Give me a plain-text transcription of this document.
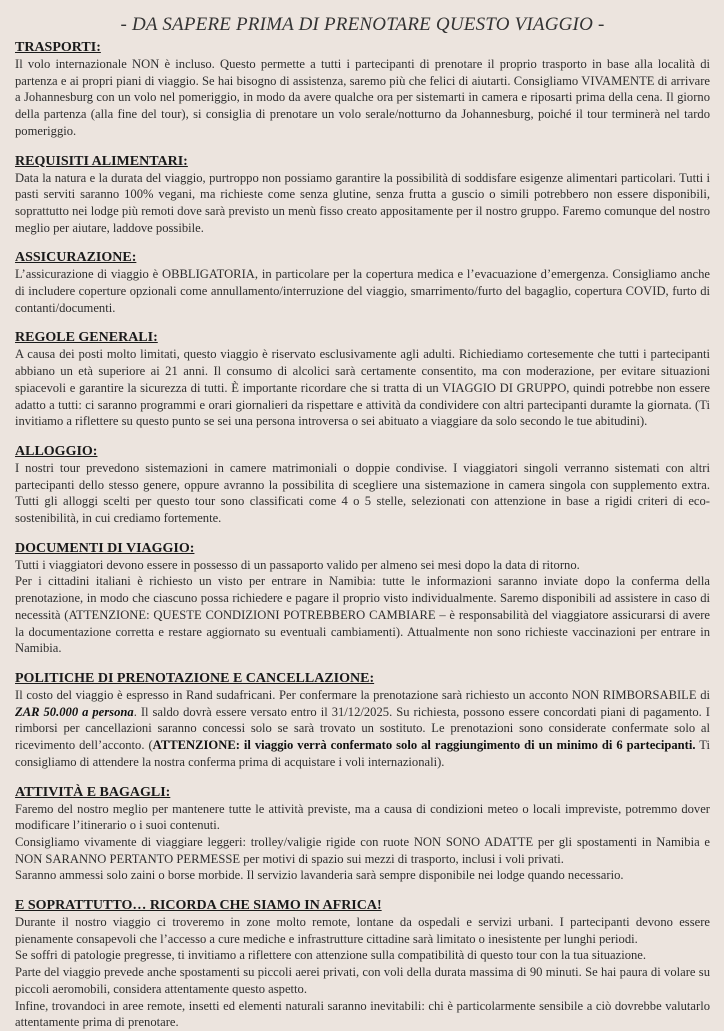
- DA SAPERE PRIMA DI PRENOTARE QUESTO VIAGGIO -

TRASPORTI:

Il volo internazionale NON è incluso. Questo permette a tutti i partecipanti di prenotare il proprio trasporto in base alla località di partenza e ai propri piani di viaggio. Se hai bisogno di assistenza, saremo più che felici di aiutarti. Consigliamo VIVAMENTE di arrivare a Johannesburg con un volo nel pomeriggio, in modo da avere qualche ora per sistemarti in camera e riposarti prima della cena. Il giorno della partenza (alla fine del tour), si consiglia di prenotare un volo serale/notturno da Johannesburg, poiché il tour terminerà nel tardo pomeriggio.

REQUISITI ALIMENTARI:

Data la natura e la durata del viaggio, purtroppo non possiamo garantire la possibilità di soddisfare esigenze alimentari particolari. Tutti i pasti serviti saranno 100% vegani, ma richieste come senza glutine, senza frutta a guscio o simili potrebbero non essere disponibili, soprattutto nei lodge più remoti dove sarà previsto un menù fisso creato appositamente per il nostro gruppo. Faremo comunque del nostro meglio per aiutare, laddove possibile.

ASSICURAZIONE:

L’assicurazione di viaggio è OBBLIGATORIA, in particolare per la copertura medica e l’evacuazione d’emergenza. Consigliamo anche di includere coperture opzionali come annullamento/interruzione del viaggio, smarrimento/furto del bagaglio, copertura COVID, furto di contanti/documenti.

REGOLE GENERALI:

A causa dei posti molto limitati, questo viaggio è riservato esclusivamente agli adulti. Richiediamo cortesemente che tutti i partecipanti abbiano un età superiore ai 21 anni. Il consumo di alcolici sarà certamente consentito, ma con moderazione, per evitare situazioni spiacevoli e garantire la sicurezza di tutti. È importante ricordare che si tratta di un VIAGGIO DI GRUPPO, quindi potrebbe non essere adatto a tutti: ci saranno programmi e orari giornalieri da rispettare e attività da condividere con altri partecipanti duramte la giornata. (Ti invitiamo a riflettere su questo punto se sei una persona introversa o sei abituato a viaggiare da solo secondo le tue abitudini).

ALLOGGIO:

I nostri tour prevedono sistemazioni in camere matrimoniali o doppie condivise. I viaggiatori singoli verranno sistemati con altri partecipanti dello stesso genere, oppure avranno la possibilita di scegliere una sistemazione in camera singola con supplemento extra. Tutti gli alloggi scelti per questo tour sono classificati come 4 o 5 stelle, selezionati con attenzione in base a rigidi criteri di eco-sostenibilità, in cui crediamo fortemente.

DOCUMENTI DI VIAGGIO:

Tutti i viaggiatori devono essere in possesso di un passaporto valido per almeno sei mesi dopo la data di ritorno.

Per i cittadini italiani è richiesto un visto per entrare in Namibia: tutte le informazioni saranno inviate dopo la conferma della prenotazione, in modo che ciascuno possa richiedere e pagare il proprio visto individualmente. Saremo disponibili ad assistere in caso di necessità (ATTENZIONE: QUESTE CONDIZIONI POTREBBERO CAMBIARE – è responsabilità del viaggiatore assicurarsi di avere la documentazione corretta e restare aggiornato su eventuali cambiamenti). Attualmente non sono richieste vaccinazioni per entrare in Namibia.

POLITICHE DI PRENOTAZIONE E CANCELLAZIONE:

Il costo del viaggio è espresso in Rand sudafricani. Per confermare la prenotazione sarà richiesto un acconto NON RIMBORSABILE di ZAR 50.000 a persona. Il saldo dovrà essere versato entro il 31/12/2025. Su richiesta, possono essere concordati piani di pagamento. I rimborsi per cancellazioni saranno concessi solo se sarà trovato un sostituto. Le prenotazioni sono considerate confermate solo al ricevimento dell’acconto. (ATTENZIONE: il viaggio verrà confermato solo al raggiungimento di un minimo di 6 partecipanti. Ti consigliamo di attendere la nostra conferma prima di acquistare i voli internazionali).

ATTIVITÀ E BAGAGLI:

Faremo del nostro meglio per mantenere tutte le attività previste, ma a causa di condizioni meteo o locali impreviste, potremmo dover modificare l’itinerario o i suoi contenuti.

Consigliamo vivamente di viaggiare leggeri: trolley/valigie rigide con ruote NON SONO ADATTE per gli spostamenti in Namibia e NON SARANNO PERTANTO PERMESSE per motivi di spazio sui mezzi di trasporto, inclusi i voli privati.

Saranno ammessi solo zaini o borse morbide. Il servizio lavanderia sarà sempre disponibile nei lodge quando necessario.

E SOPRATTUTTO… RICORDA CHE SIAMO IN AFRICA!

Durante il nostro viaggio ci troveremo in zone molto remote, lontane da ospedali e servizi urbani. I partecipanti devono essere pienamente consapevoli che l’accesso a cure mediche e infrastrutture cittadine sarà limitato o inesistente per lunghi periodi.

Se soffri di patologie pregresse, ti invitiamo a riflettere con attenzione sulla compatibilità di questo tour con la tua situazione.

Parte del viaggio prevede anche spostamenti su piccoli aerei privati, con voli della durata massima di 90 minuti. Se hai paura di volare su piccoli aeromobili, considera attentamente questo aspetto.

Infine, trovandoci in aree remote, insetti ed elementi naturali saranno inevitabili: chi è particolarmente sensibile a ciò dovrebbe valutarlo attentamente prima di prenotare.
